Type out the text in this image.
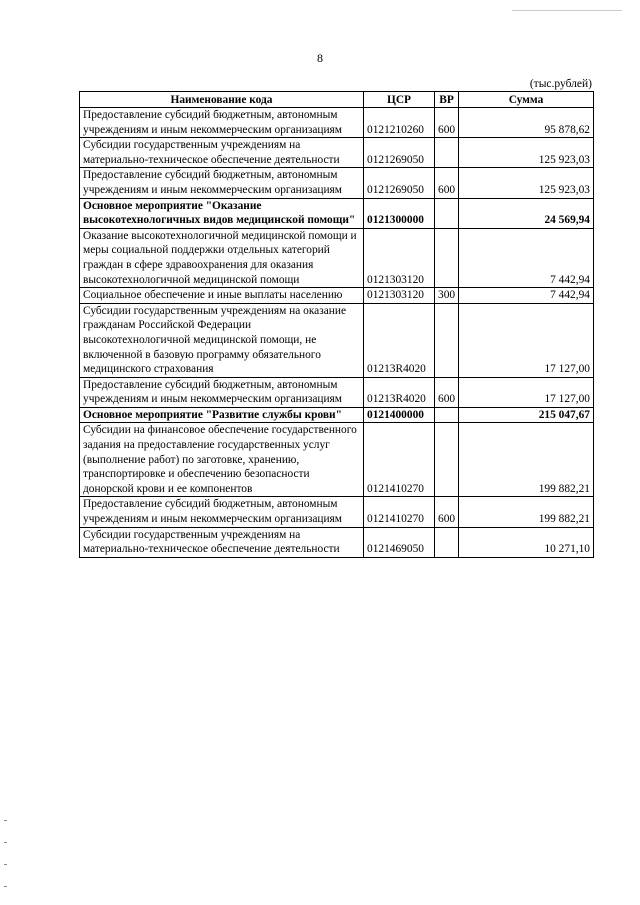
8
(тыс.рублей)
Наименование кода	ЦСР	ВР	Сумма
Предоставление субсидий бюджетным, автономным учреждениям и иным некоммерческим организациям	0121210260	600	95 878,62
Субсидии государственным учреждениям на материально-техническое обеспечение деятельности	0121269050		125 923,03
Предоставление субсидий бюджетным, автономным учреждениям и иным некоммерческим организациям	0121269050	600	125 923,03
Основное мероприятие "Оказание высокотехнологичных видов медицинской помощи"	0121300000		24 569,94
Оказание высокотехнологичной медицинской помощи и меры социальной поддержки отдельных категорий граждан в сфере здравоохранения для оказания высокотехнологичной медицинской помощи	0121303120		7 442,94
Социальное обеспечение и иные выплаты населению	0121303120	300	7 442,94
Субсидии государственным учреждениям на оказание гражданам Российской Федерации высокотехнологичной медицинской помощи, не включенной в базовую программу обязательного медицинского страхования	01213R4020		17 127,00
Предоставление субсидий бюджетным, автономным учреждениям и иным некоммерческим организациям	01213R4020	600	17 127,00
Основное мероприятие "Развитие службы крови"	0121400000		215 047,67
Субсидии на финансовое обеспечение государственного задания на предоставление государственных услуг (выполнение работ) по заготовке, хранению, транспортировке и обеспечению безопасности донорской крови и ее компонентов	0121410270		199 882,21
Предоставление субсидий бюджетным, автономным учреждениям и иным некоммерческим организациям	0121410270	600	199 882,21
Субсидии государственным учреждениям на материально-техническое обеспечение деятельности	0121469050		10 271,10
